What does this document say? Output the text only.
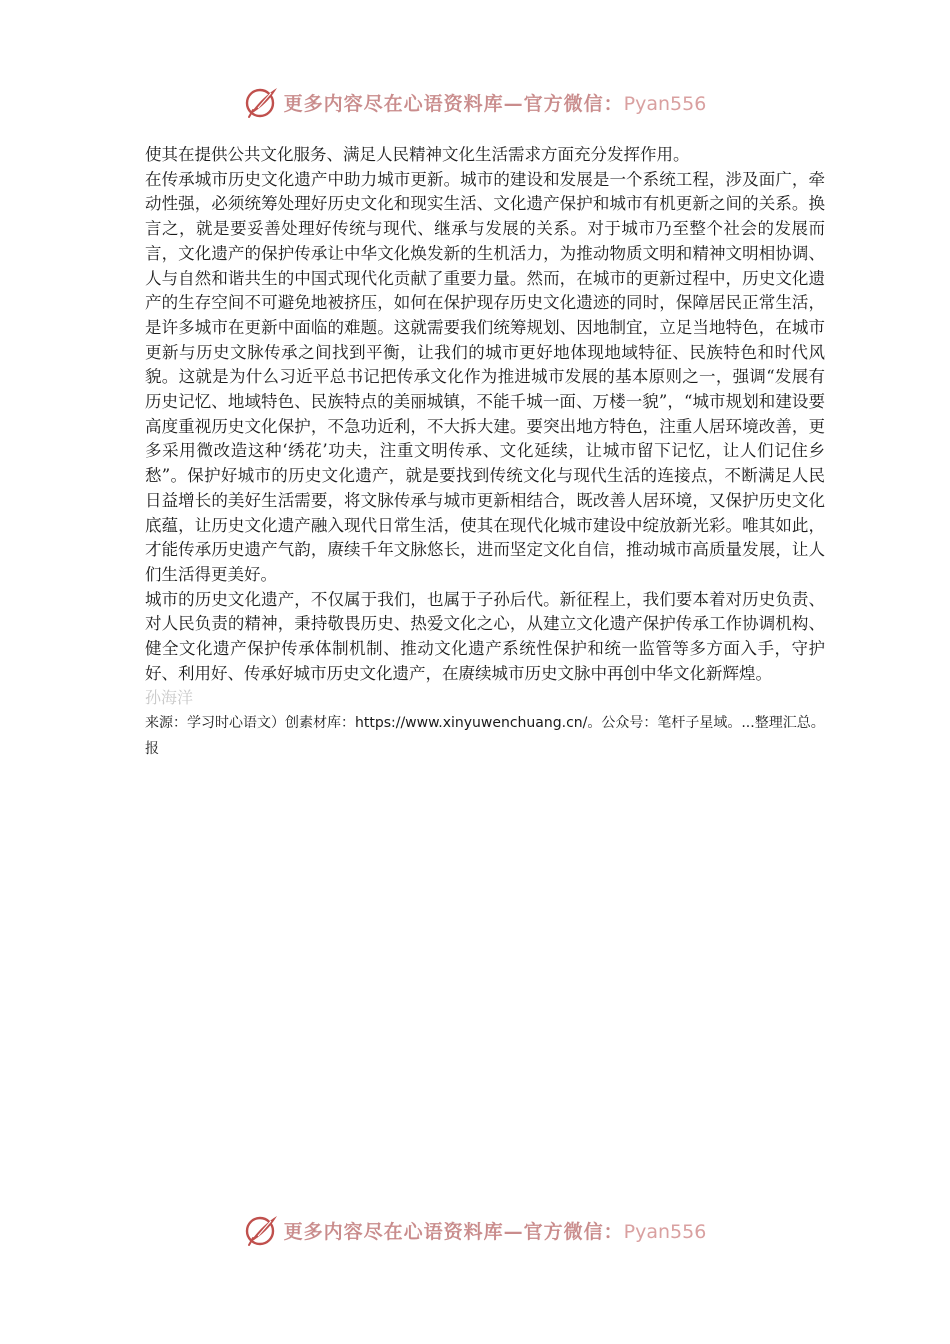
更多内容尽在心语资料库—官方微信：Pyan556

使其在提供公共文化服务、满足人民精神文化生活需求方面充分发挥作用。

在传承城市历史文化遗产中助力城市更新。城市的建设和发展是一个系统工程，涉及面广，牵动性强，必须统筹处理好历史文化和现实生活、文化遗产保护和城市有机更新之间的关系。换言之，就是要妥善处理好传统与现代、继承与发展的关系。对于城市乃至整个社会的发展而言，文化遗产的保护传承让中华文化焕发新的生机活力，为推动物质文明和精神文明相协调、人与自然和谐共生的中国式现代化贡献了重要力量。然而，在城市的更新过程中，历史文化遗产的生存空间不可避免地被挤压，如何在保护现存历史文化遗迹的同时，保障居民正常生活，是许多城市在更新中面临的难题。这就需要我们统筹规划、因地制宜，立足当地特色，在城市更新与历史文脉传承之间找到平衡，让我们的城市更好地体现地域特征、民族特色和时代风貌。这就是为什么习近平总书记把传承文化作为推进城市发展的基本原则之一，强调“发展有历史记忆、地域特色、民族特点的美丽城镇，不能千城一面、万楼一貌”，“城市规划和建设要高度重视历史文化保护，不急功近利，不大拆大建。要突出地方特色，注重人居环境改善，更多采用微改造这种‘绣花’功夫，注重文明传承、文化延续，让城市留下记忆，让人们记住乡愁”。保护好城市的历史文化遗产，就是要找到传统文化与现代生活的连接点，不断满足人民日益增长的美好生活需要，将文脉传承与城市更新相结合，既改善人居环境，又保护历史文化底蕴，让历史文化遗产融入现代日常生活，使其在现代化城市建设中绽放新光彩。唯其如此，才能传承历史遗产气韵，赓续千年文脉悠长，进而坚定文化自信，推动城市高质量发展，让人们生活得更美好。

城市的历史文化遗产，不仅属于我们，也属于子孙后代。新征程上，我们要本着对历史负责、对人民负责的精神，秉持敬畏历史、热爱文化之心，从建立文化遗产保护传承工作协调机构、健全文化遗产保护传承体制机制、推动文化遗产系统性保护和统一监管等多方面入手，守护好、利用好、传承好城市历史文化遗产，在赓续城市历史文脉中再创中华文化新辉煌。

孙海洋

来源：学习时心语文）创素材库：https://www.xinyuwenchuang.cn/。公众号：笔杆子星域。...整理汇总。报

更多内容尽在心语资料库—官方微信：Pyan556
